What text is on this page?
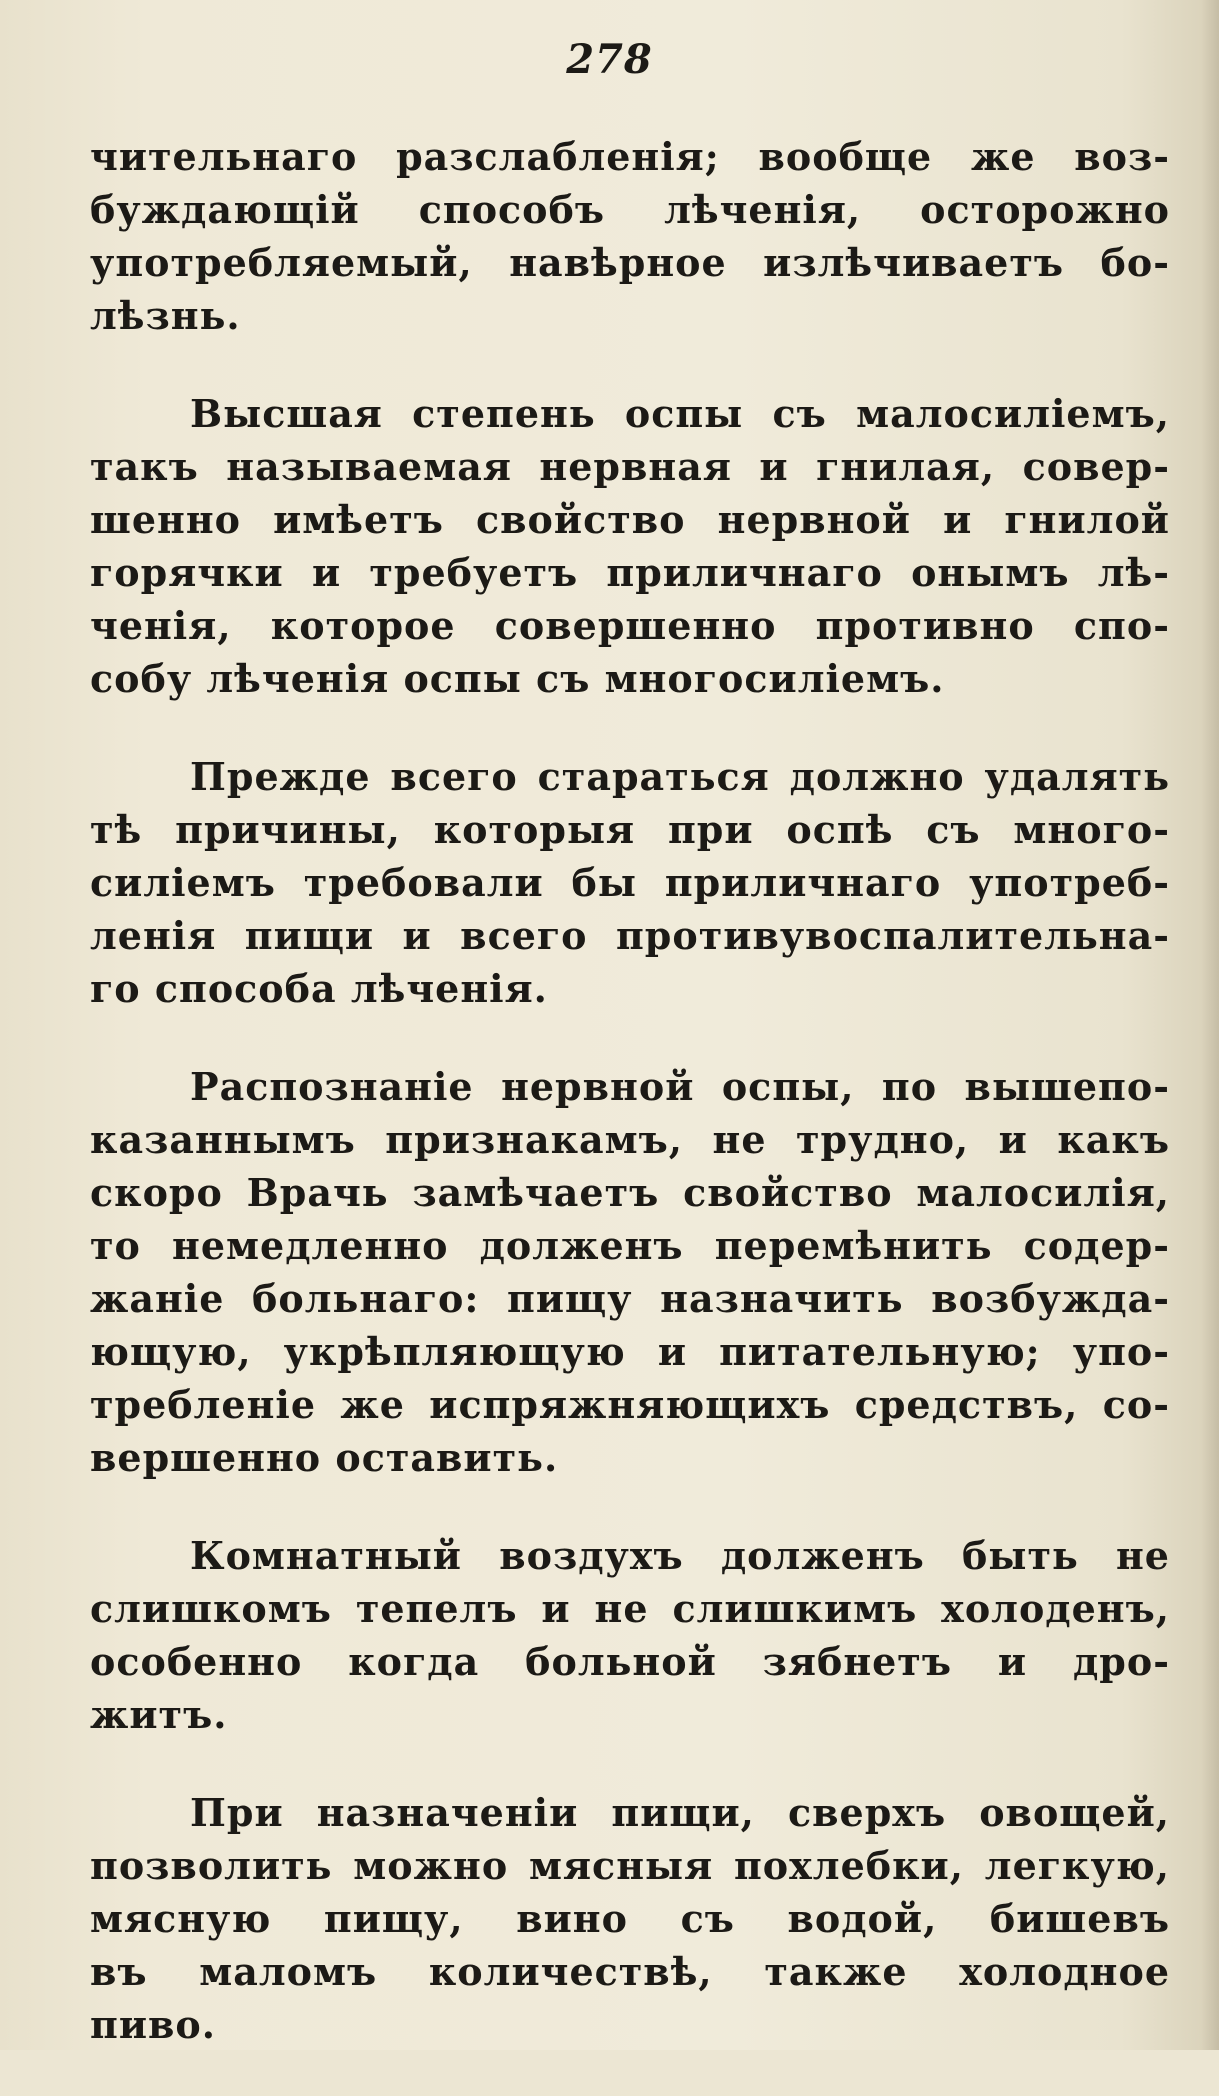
278
чительнаго разслабленія; вообще же воз-
буждающій способъ лѣченія, осторожно
употребляемый, навѣрное излѣчиваетъ бо-
лѣзнь.
Высшая степень оспы съ малосиліемъ,
такъ называемая нервная и гнилая, совер-
шенно имѣетъ свойство нервной и гнилой
горячки и требуетъ приличнаго онымъ лѣ-
ченія, которое совершенно противно спо-
собу лѣченія оспы съ многосиліемъ.
Прежде всего стараться должно удалять
тѣ причины, которыя при оспѣ съ много-
силіемъ требовали бы приличнаго употреб-
ленія пищи и всего противувоспалительна-
го способа лѣченія.
Распознаніе нервной оспы, по вышепо-
казаннымъ признакамъ, не трудно, и какъ
скоро Врачь замѣчаетъ свойство малосилія,
то немедленно долженъ перемѣнить содер-
жаніе больнаго: пищу назначить возбужда-
ющую, укрѣпляющую и питательную; упо-
требленіе же испряжняющихъ средствъ, со-
вершенно оставить.
Комнатный воздухъ долженъ быть не
слишкомъ тепелъ и не слишкимъ холоденъ,
особенно когда больной зябнетъ и дро-
житъ.
При назначеніи пищи, сверхъ овощей,
позволить можно мясныя похлебки, легкую,
мясную пищу, вино съ водой, бишевъ
въ маломъ количествѣ, также холодное
пиво.
